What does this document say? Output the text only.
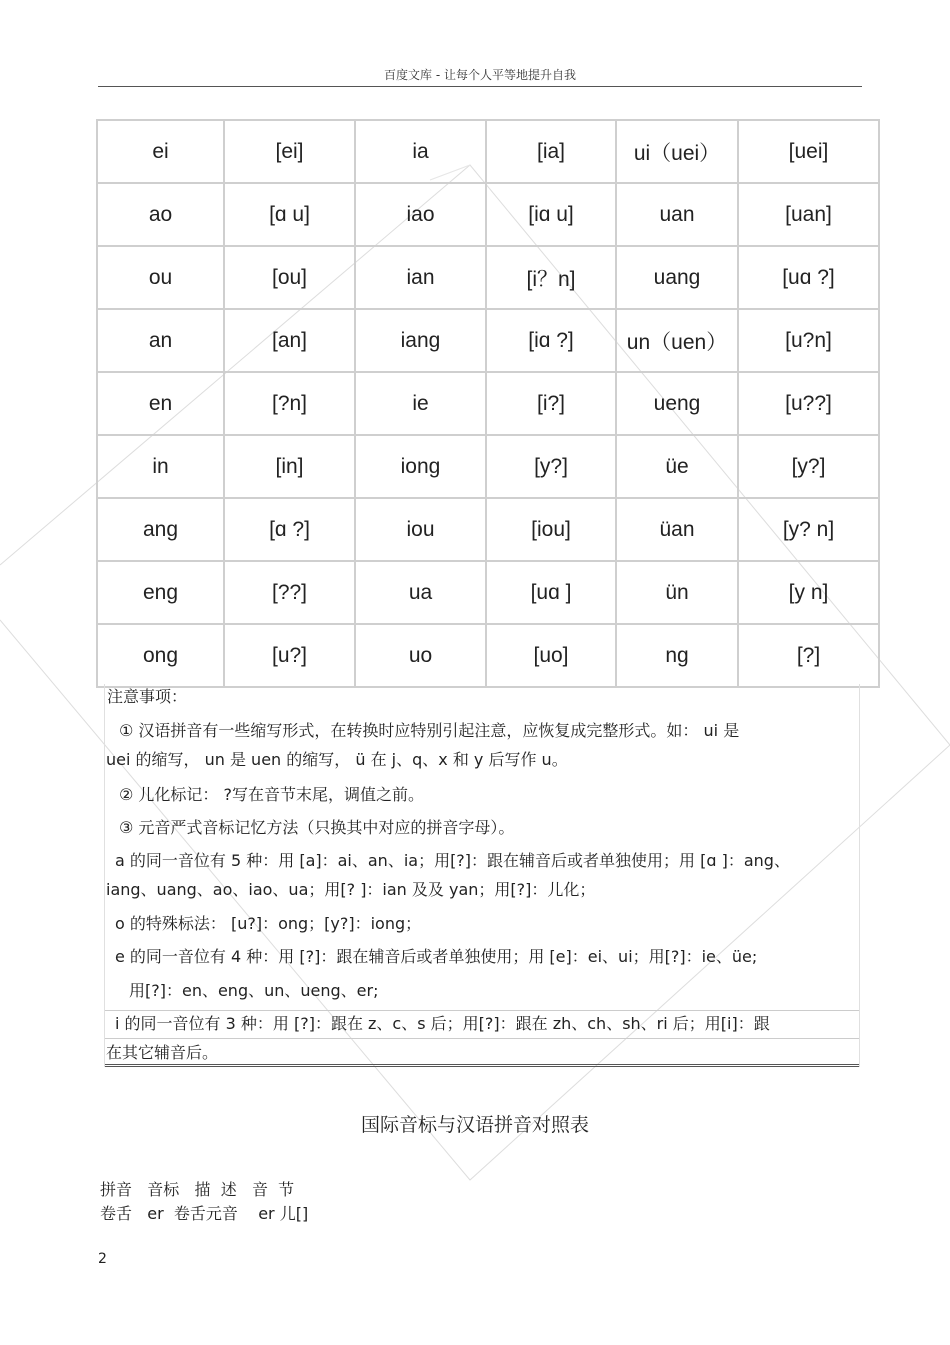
百度文库 - 让每个人平等地提升自我
ei	[ei]	ia	[ia]	ui（uei）	[uei]
ao	[ɑ u]	iao	[iɑ u]	uan	[uan]
ou	[ou]	ian	[i？n]	uang	[uɑ ?]
an	[an]	iang	[iɑ ?]	un（uen）	[u?n]
en	[?n]	ie	[i?]	ueng	[u??]
in	[in]	iong	[y?]	üe	[y?]
ang	[ɑ ?]	iou	[iou]	üan	[y? n]
eng	[??]	ua	[uɑ ]	ün	[y n]
ong	[u?]	uo	[uo]	ng	[?]
注意事项：
① 汉语拼音有一些缩写形式，在转换时应特别引起注意，应恢复成完整形式。如： ui 是
uei 的缩写， un 是 uen 的缩写， ü 在 j、q、x 和 y 后写作 u。
② 儿化标记： ?写在音节末尾，调值之前。
③ 元音严式音标记忆方法（只换其中对应的拼音字母）。
a 的同一音位有 5 种：用 [a]：ai、an、ia；用[?]：跟在辅音后或者单独使用；用 [ɑ ]：ang、
iang、uang、ao、iao、ua；用[? ]：ian 及及 yan；用[?]：儿化；
o 的特殊标法： [u?]：ong；[y?]：iong；
e 的同一音位有 4 种：用 [?]：跟在辅音后或者单独使用；用 [e]：ei、ui；用[?]：ie、üe;
用[?]：en、eng、un、ueng、er;
i 的同一音位有 3 种：用 [?]：跟在 z、c、s 后；用[?]：跟在 zh、ch、sh、ri 后；用[i]：跟
在其它辅音后。
国际音标与汉语拼音对照表
拼音   音标   描  述   音  节
卷舌   er  卷舌元音    er 儿[]
2
